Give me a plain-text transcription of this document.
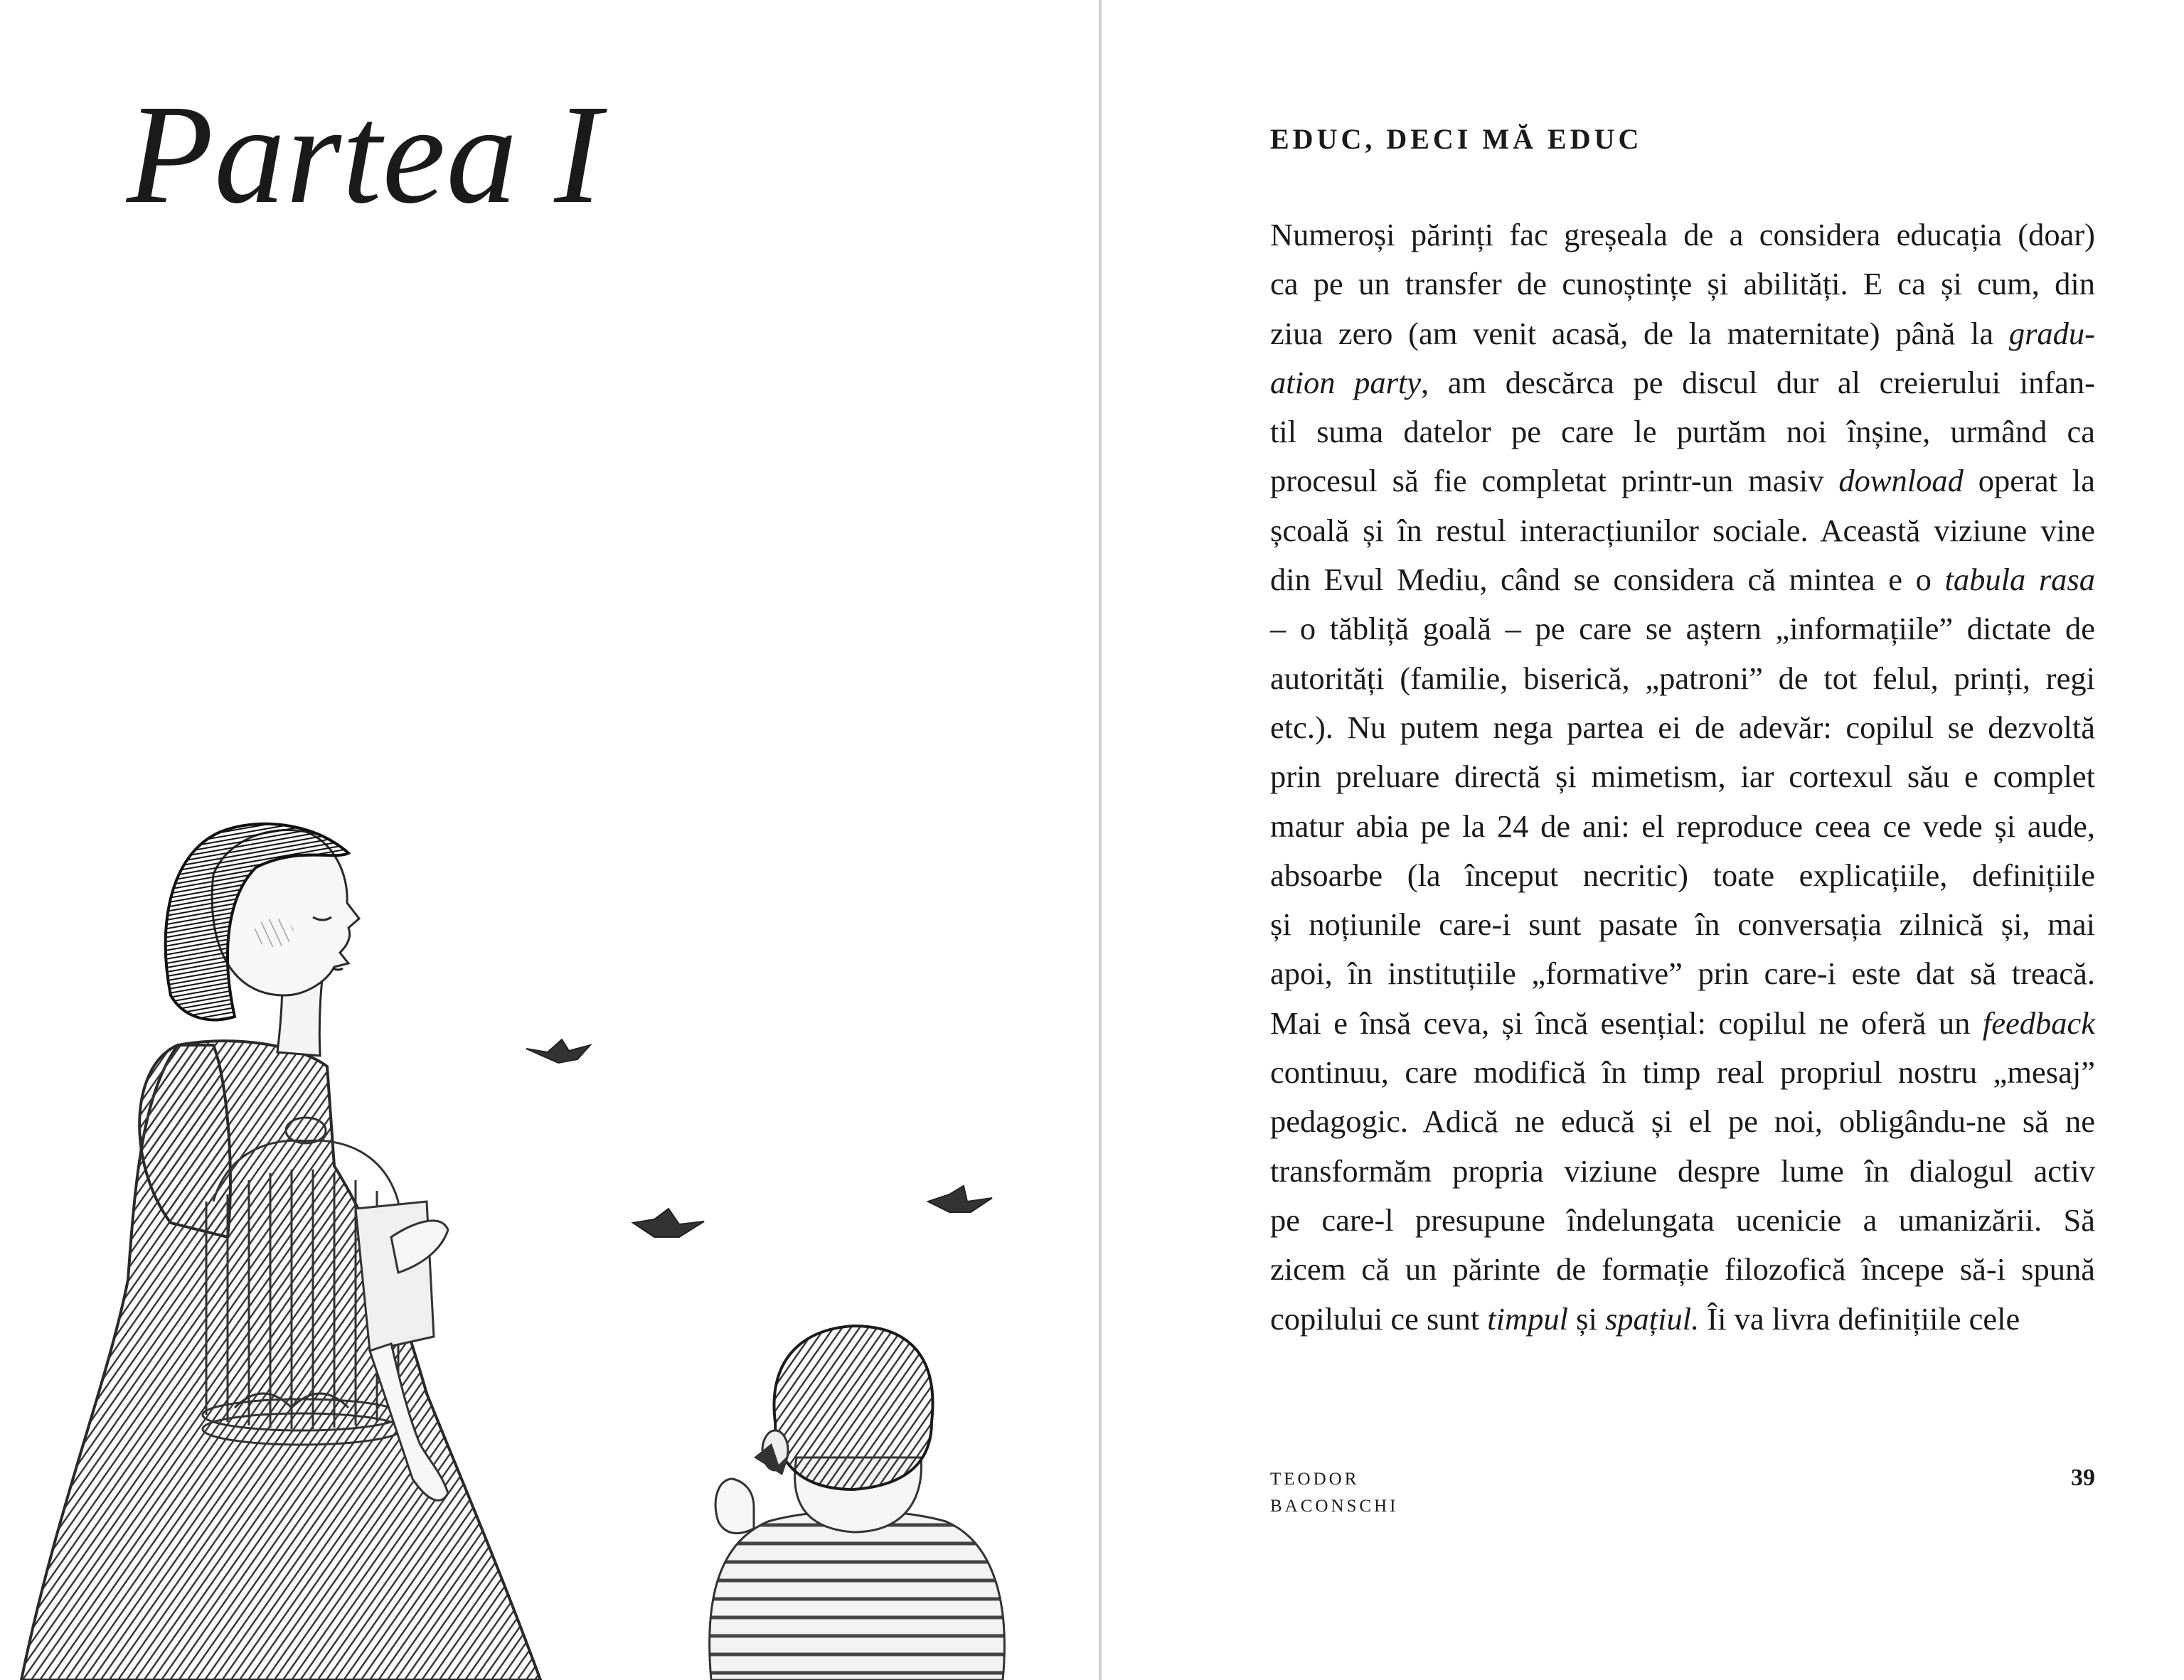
Partea I	EDUC, DECI MĂ EDUC
Numeroși părinți fac greșeala de a considera educația (doar)
ca pe un transfer de cunoștințe și abilități. E ca și cum, din
ziua zero (am venit acasă, de la maternitate) până la gradu-
ation party, am descărca pe discul dur al creierului infan-
til suma datelor pe care le purtăm noi înșine, urmând ca
procesul să fie completat printr-un masiv download operat la
școală și în restul interacțiunilor sociale. Această viziune vine
din Evul Mediu, când se considera că mintea e o tabula rasa
– o tăbliță goală – pe care se aștern „informațiile” dictate de
autorități (familie, biserică, „patroni” de tot felul, prinți, regi
etc.). Nu putem nega partea ei de adevăr: copilul se dezvoltă
prin preluare directă și mimetism, iar cortexul său e complet
matur abia pe la 24 de ani: el reproduce ceea ce vede și aude,
absoarbe (la început necritic) toate explicațiile, definițiile
și noțiunile care-i sunt pasate în conversația zilnică și, mai
apoi, în instituțiile „formative” prin care-i este dat să treacă.
Mai e însă ceva, și încă esențial: copilul ne oferă un feedback
continuu, care modifică în timp real propriul nostru „mesaj”
pedagogic. Adică ne educă și el pe noi, obligându-ne să ne
transformăm propria viziune despre lume în dialogul activ
pe care-l presupune îndelungata ucenicie a umanizării. Să
zicem că un părinte de formație filozofică începe să-i spună
copilului ce sunt timpul și spațiul. Îi va livra definițiile cele
TEODOR
BACONSCHI
39
